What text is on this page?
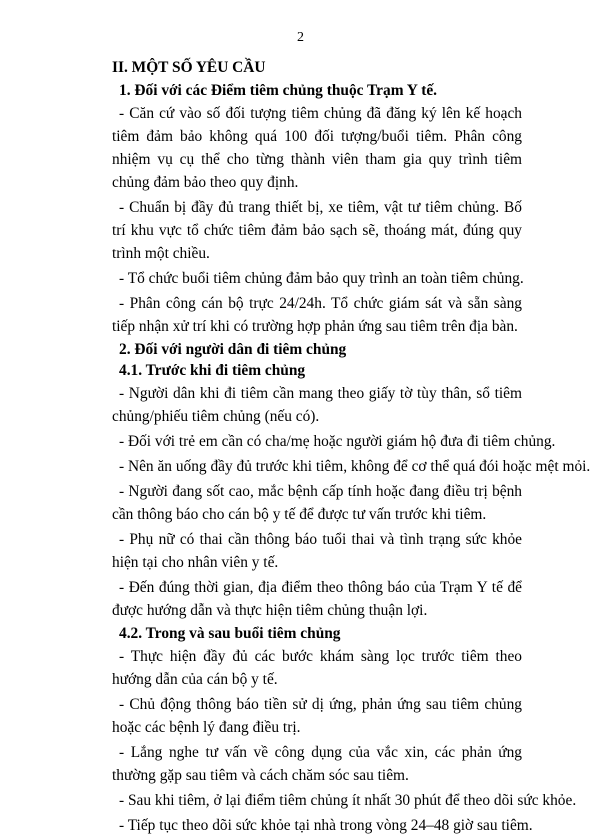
2
II. MỘT SỐ YÊU CẦU
1. Đối với các Điểm tiêm chủng thuộc Trạm Y tế.
- Căn cứ vào số đối tượng tiêm chủng đã đăng ký lên kế hoạch tiêm đảm bảo không quá 100 đối tượng/buổi tiêm. Phân công nhiệm vụ cụ thể cho từng thành viên tham gia quy trình tiêm chủng đảm bảo theo quy định.
- Chuẩn bị đầy đủ trang thiết bị, xe tiêm, vật tư tiêm chủng. Bố trí khu vực tổ chức tiêm đảm bảo sạch sẽ, thoáng mát, đúng quy trình một chiều.
- Tổ chức buổi tiêm chủng đảm bảo quy trình an toàn tiêm chủng.
- Phân công cán bộ trực 24/24h. Tổ chức giám sát và sẵn sàng tiếp nhận xử trí khi có trường hợp phản ứng sau tiêm trên địa bàn.
2. Đối với người dân đi tiêm chủng
4.1. Trước khi đi tiêm chủng
- Người dân khi đi tiêm cần mang theo giấy tờ tùy thân, sổ tiêm chủng/phiếu tiêm chủng (nếu có).
- Đối với trẻ em cần có cha/mẹ hoặc người giám hộ đưa đi tiêm chủng.
- Nên ăn uống đầy đủ trước khi tiêm, không để cơ thể quá đói hoặc mệt mỏi.
- Người đang sốt cao, mắc bệnh cấp tính hoặc đang điều trị bệnh cần thông báo cho cán bộ y tế để được tư vấn trước khi tiêm.
- Phụ nữ có thai cần thông báo tuổi thai và tình trạng sức khỏe hiện tại cho nhân viên y tế.
- Đến đúng thời gian, địa điểm theo thông báo của Trạm Y tế để được hướng dẫn và thực hiện tiêm chủng thuận lợi.
4.2. Trong và sau buổi tiêm chủng
- Thực hiện đầy đủ các bước khám sàng lọc trước tiêm theo hướng dẫn của cán bộ y tế.
- Chủ động thông báo tiền sử dị ứng, phản ứng sau tiêm chủng hoặc các bệnh lý đang điều trị.
- Lắng nghe tư vấn về công dụng của vắc xin, các phản ứng thường gặp sau tiêm và cách chăm sóc sau tiêm.
- Sau khi tiêm, ở lại điểm tiêm chủng ít nhất 30 phút để theo dõi sức khỏe.
- Tiếp tục theo dõi sức khỏe tại nhà trong vòng 24–48 giờ sau tiêm.
